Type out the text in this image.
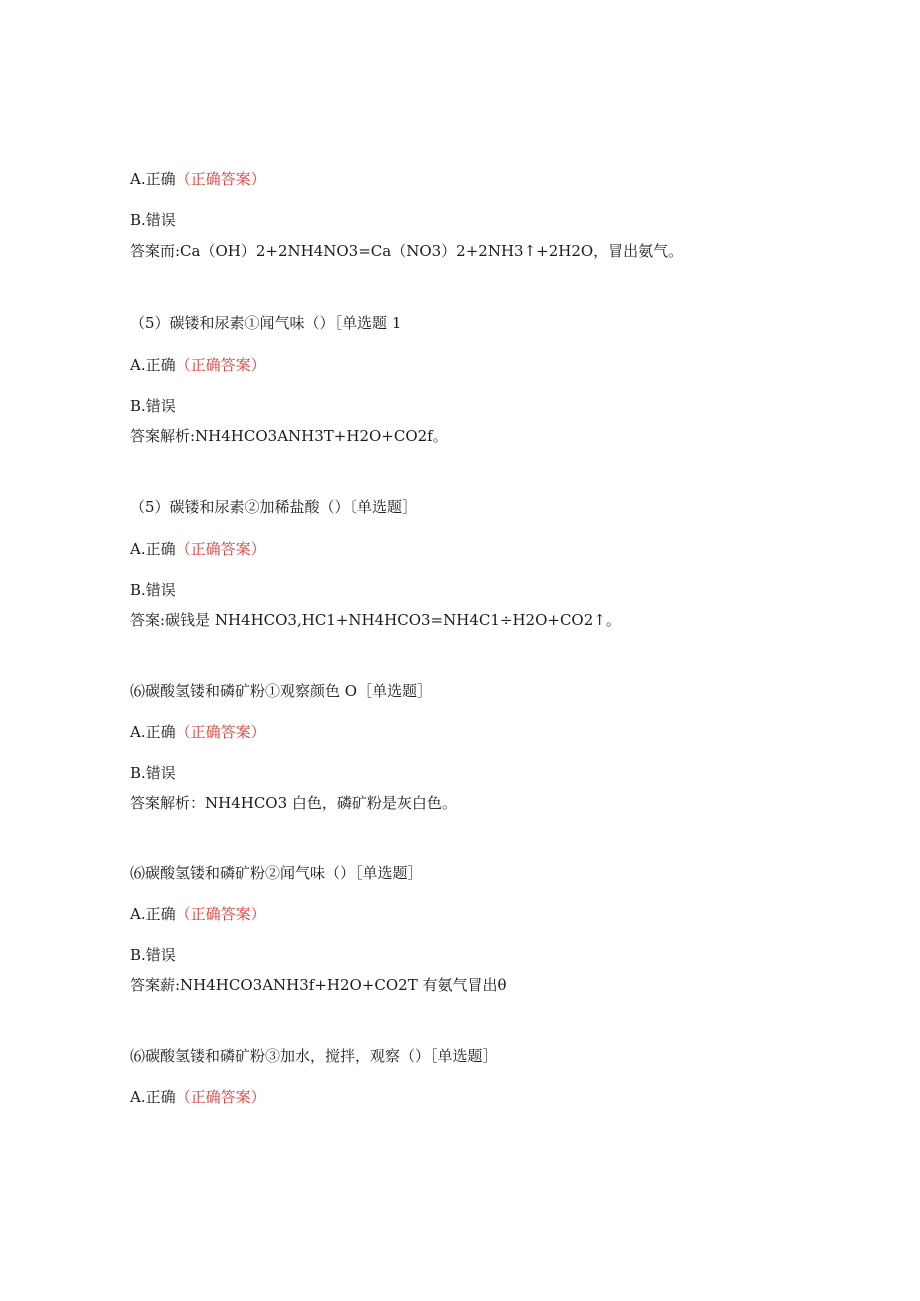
A.正确（正确答案）
B.错误
答案而:Ca（OH）2+2NH4NO3=Ca（NO3）2+2NH3↑+2H2O，冒出氨气。
（5）碳镂和尿素①闻气味（）［单选题 1
A.正确（正确答案）
B.错误
答案解析:NH4HCO3ANH3T+H2O+CO2f。
（5）碳镂和尿素②加稀盐酸（）〔单选题］
A.正确（正确答案）
B.错误
答案:碳钱是 NH4HCO3,HC1+NH4HCO3=NH4C1÷H2O+CO2↑。
⑹碳酸氢镂和磷矿粉①观察颜色 O［单选题］
A.正确（正确答案）
B.错误
答案解析：NH4HCO3 白色，磷矿粉是灰白色。
⑹碳酸氢镂和磷矿粉②闻气味（）［单选题］
A.正确（正确答案）
B.错误
答案薪:NH4HCO3ANH3f+H2O+CO2T 有氨气冒出θ
⑹碳酸氢镂和磷矿粉③加水，搅拌，观察（）［单选题］
A.正确（正确答案）
